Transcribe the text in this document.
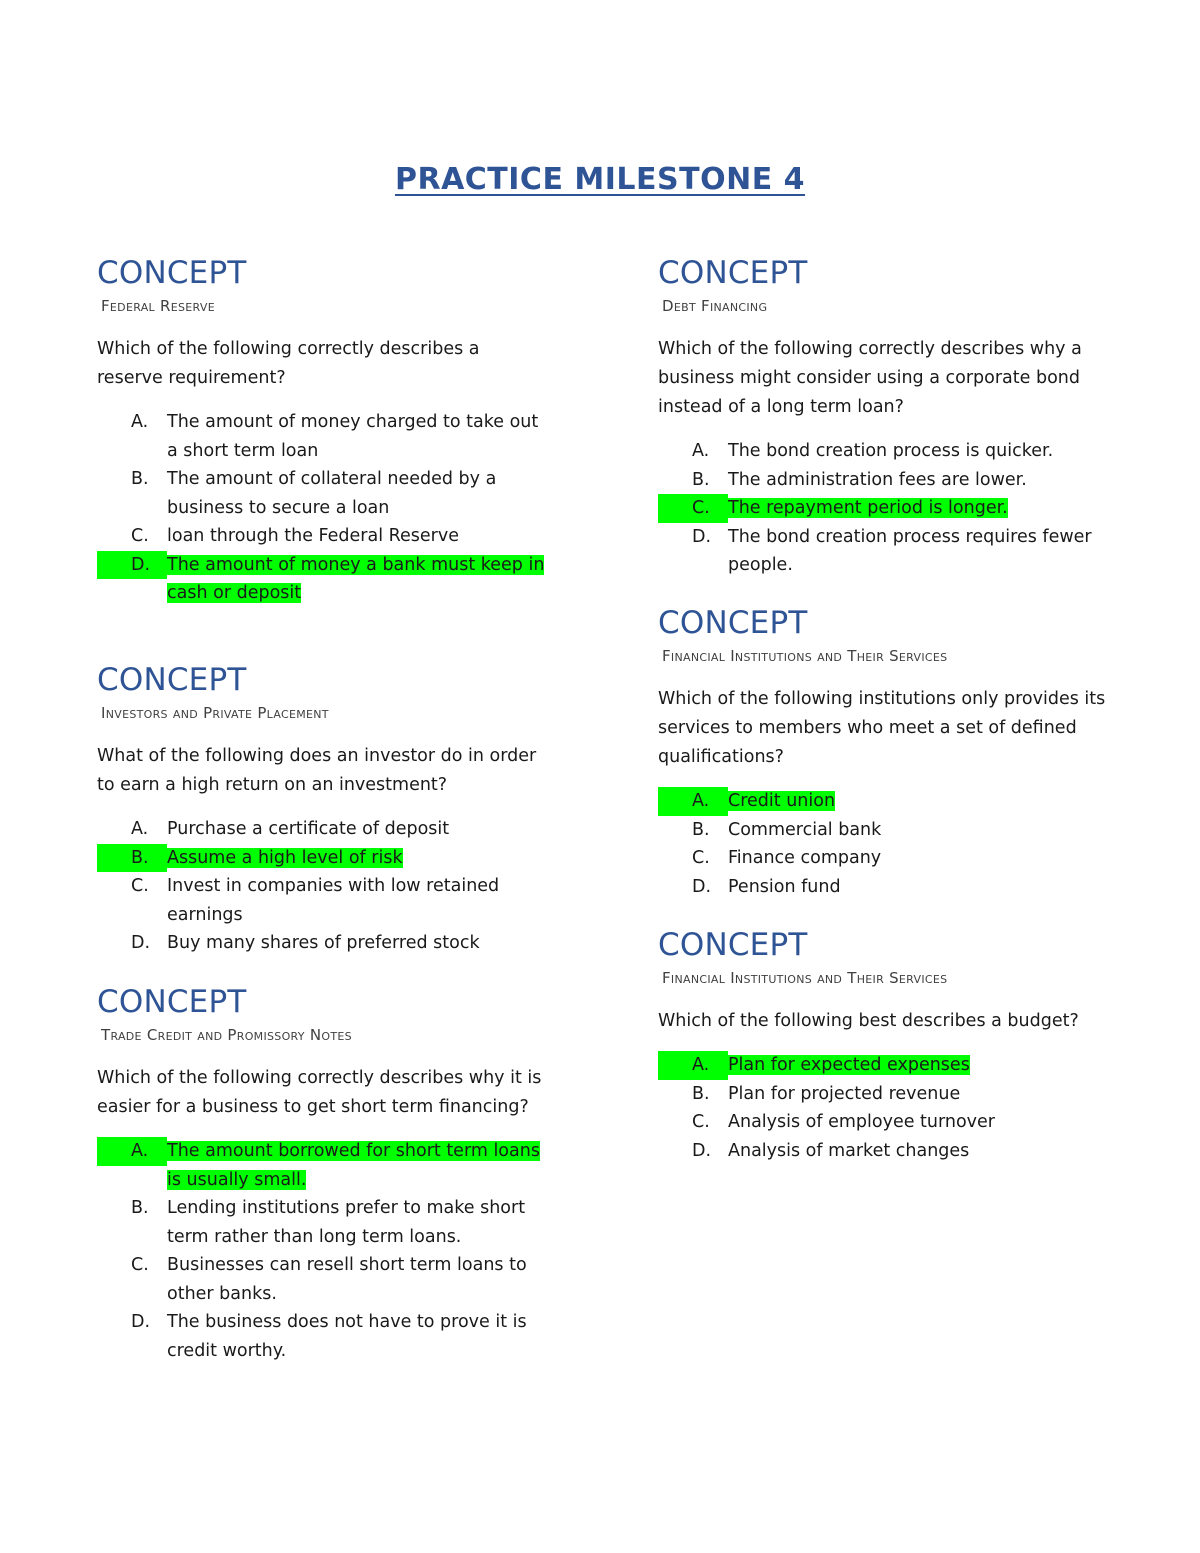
PRACTICE MILESTONE 4
CONCEPT
Federal Reserve
Which of the following correctly describes a reserve requirement?
A.	The amount of money charged to take out a short term loan
B.	The amount of collateral needed by a business to secure a loan
C.	loan through the Federal Reserve
D. The amount of money a bank must keep in cash or deposit
CONCEPT
Investors and Private Placement
What of the following does an investor do in order to earn a high return on an investment?
A.	Purchase a certificate of deposit
B.	Assume a high level of risk
C.	Invest in companies with low retained earnings
D. Buy many shares of preferred stock
CONCEPT
Trade Credit and Promissory Notes
Which of the following correctly describes why it is easier for a business to get short term financing?
A.	The amount borrowed for short term loans is usually small.
B.	Lending institutions prefer to make short term rather than long term loans.
C.	Businesses can resell short term loans to other banks.
D. The business does not have to prove it is credit worthy.
CONCEPT
Debt Financing
Which of the following correctly describes why a business might consider using a corporate bond instead of a long term loan?
A.	The bond creation process is quicker.
B.	The administration fees are lower.
C.	The repayment period is longer.
D. The bond creation process requires fewer people.
CONCEPT
Financial Institutions and Their Services
Which of the following institutions only provides its services to members who meet a set of defined qualifications?
A.	Credit union
B.	Commercial bank
C.	Finance company
D. Pension fund
CONCEPT
Financial Institutions and Their Services
Which of the following best describes a budget?
A.	Plan for expected expenses
B.	Plan for projected revenue
C.	Analysis of employee turnover
D. Analysis of market changes
